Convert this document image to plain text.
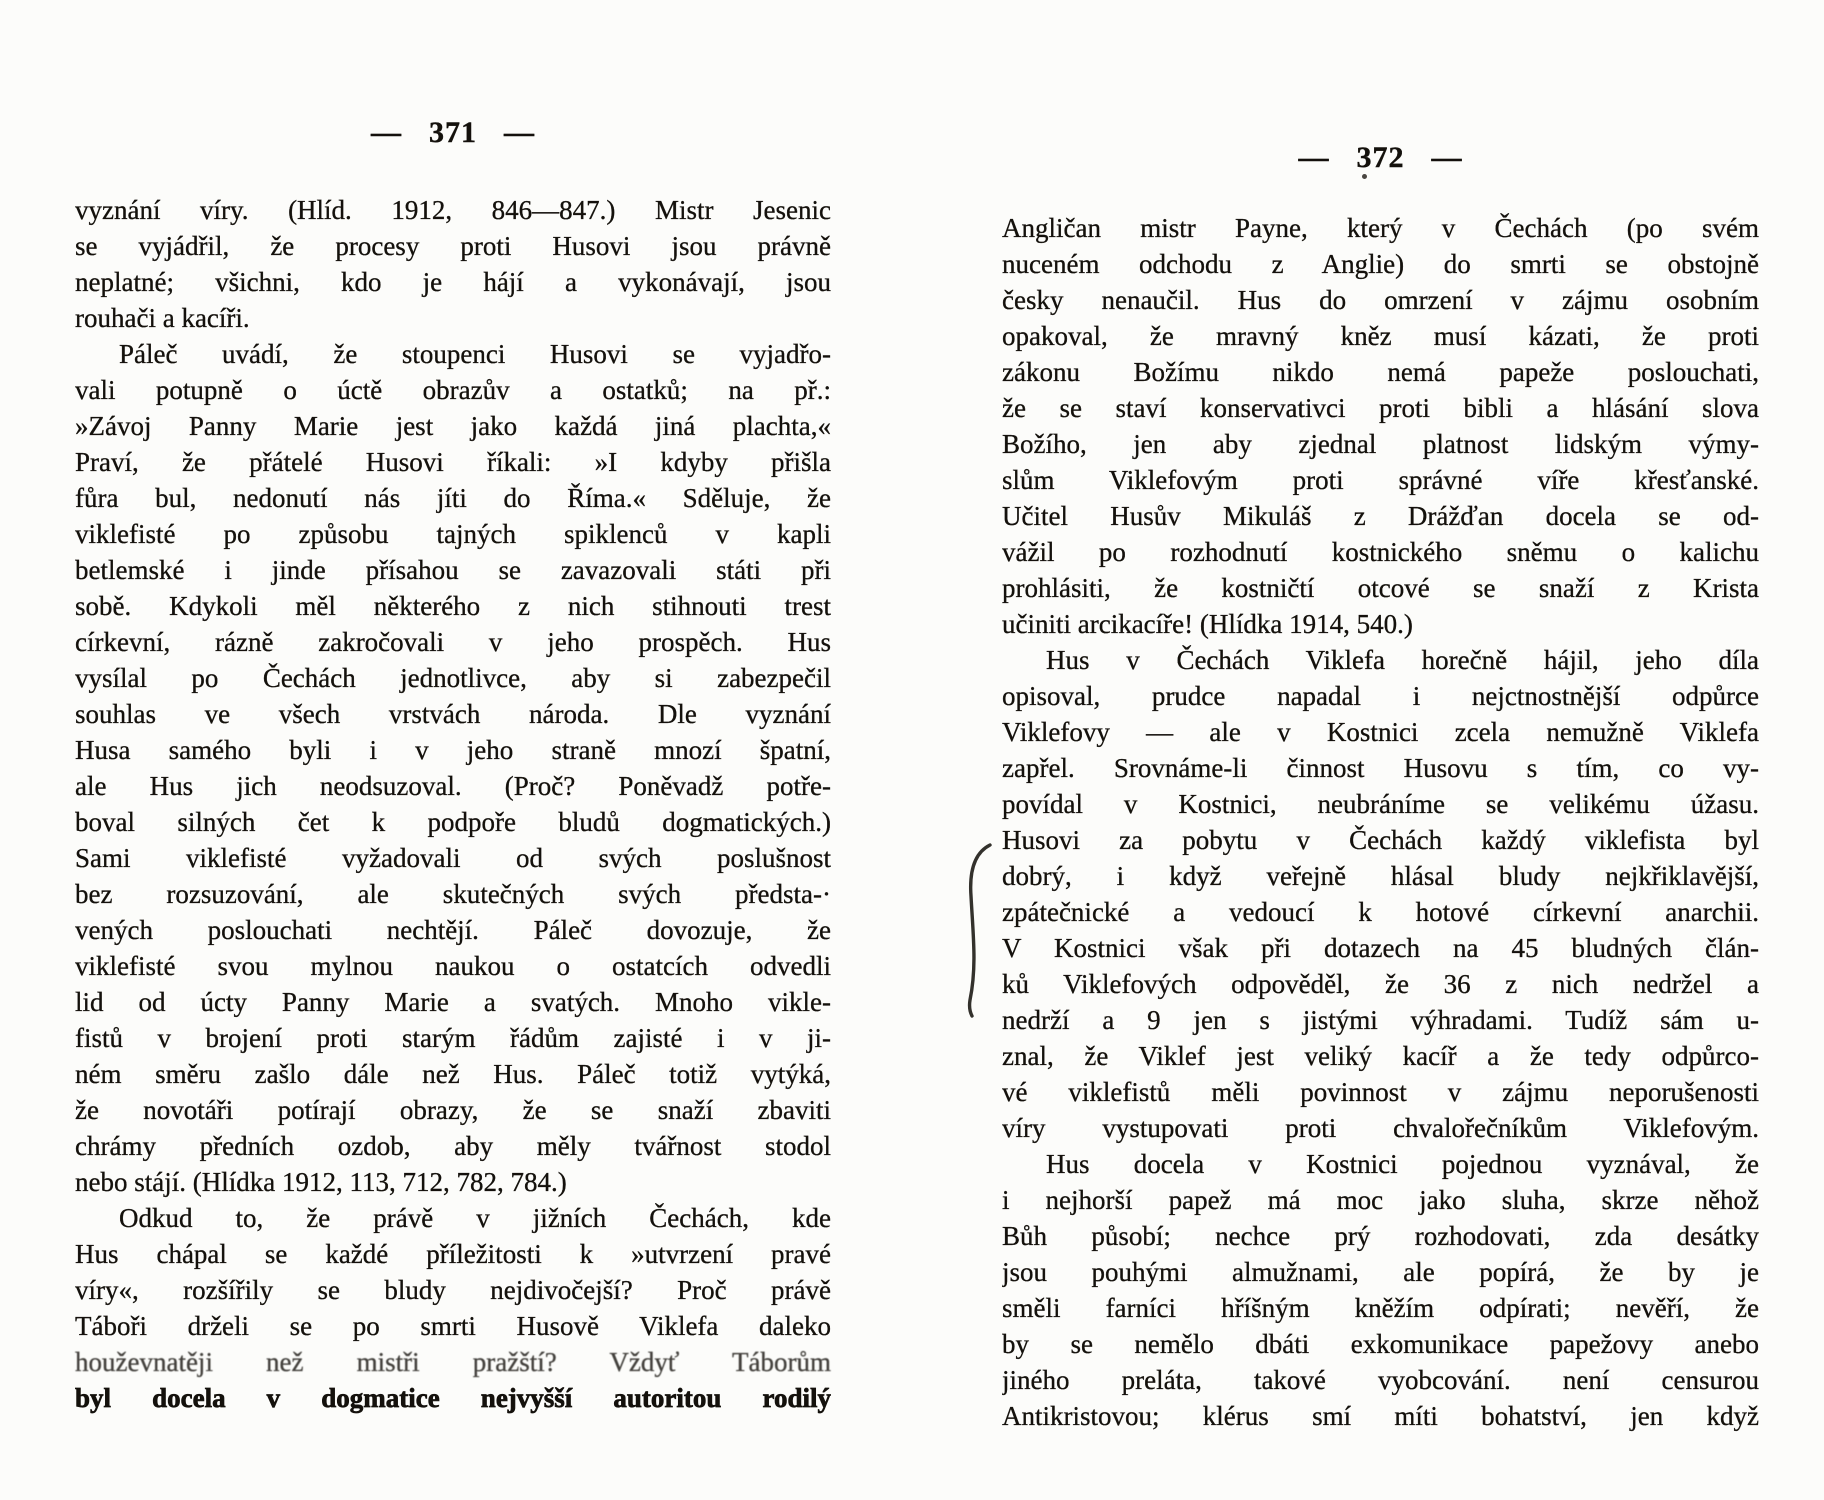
— 371 —
vyznání víry. (Hlíd. 1912, 846—847.) Mistr Jesenic
se vyjádřil, že procesy proti Husovi jsou právně
neplatné; všichni, kdo je hájí a vykonávají, jsou
rouhači a kacíři.
Páleč uvádí, že stoupenci Husovi se vyjadřo-
vali potupně o úctě obrazův a ostatků; na př.:
»Závoj Panny Marie jest jako každá jiná plachta,«
Praví, že přátelé Husovi říkali: »I kdyby přišla
fůra bul, nedonutí nás jíti do Říma.« Sděluje, že
viklefisté po způsobu tajných spiklenců v kapli
betlemské i jinde přísahou se zavazovali státi při
sobě. Kdykoli měl některého z nich stihnouti trest
církevní, rázně zakročovali v jeho prospěch. Hus
vysílal po Čechách jednotlivce, aby si zabezpečil
souhlas ve všech vrstvách národa. Dle vyznání
Husa samého byli i v jeho straně mnozí špatní,
ale Hus jich neodsuzoval. (Proč? Poněvadž potře-
boval silných čet k podpoře bludů dogmatických.)
Sami viklefisté vyžadovali od svých poslušnost
bez rozsuzování, ale skutečných svých předsta-·
vených poslouchati nechtějí. Páleč dovozuje, že
viklefisté svou mylnou naukou o ostatcích odvedli
lid od úcty Panny Marie a svatých. Mnoho vikle-
fistů v brojení proti starým řádům zajisté i v ji-
ném směru zašlo dále než Hus. Páleč totiž vytýká,
že novotáři potírají obrazy, že se snaží zbaviti
chrámy předních ozdob, aby měly tvářnost stodol
nebo stájí. (Hlídka 1912, 113, 712, 782, 784.)
Odkud to, že právě v jižních Čechách, kde
Hus chápal se každé příležitosti k »utvrzení pravé
víry«, rozšířily se bludy nejdivočejší? Proč právě
Táboři drželi se po smrti Husově Viklefa daleko
houževnatěji než mistři pražští? Vždyť Táborům
byl docela v dogmatice nejvyšší autoritou rodilý
— 372 —
Angličan mistr Payne, který v Čechách (po svém
nuceném odchodu z Anglie) do smrti se obstojně
česky nenaučil. Hus do omrzení v zájmu osobním
opakoval, že mravný kněz musí kázati, že proti
zákonu Božímu nikdo nemá papeže poslouchati,
že se staví konservativci proti bibli a hlásání slova
Božího, jen aby zjednal platnost lidským výmy-
slům Viklefovým proti správné víře křesťanské.
Učitel Husův Mikuláš z Drážďan docela se od-
vážil po rozhodnutí kostnického sněmu o kalichu
prohlásiti, že kostničtí otcové se snaží z Krista
učiniti arcikacíře! (Hlídka 1914, 540.)
Hus v Čechách Viklefa horečně hájil, jeho díla
opisoval, prudce napadal i nejctnostnější odpůrce
Viklefovy — ale v Kostnici zcela nemužně Viklefa
zapřel. Srovnáme-li činnost Husovu s tím, co vy-
povídal v Kostnici, neubráníme se velikému úžasu.
Husovi za pobytu v Čechách každý viklefista byl
dobrý, i když veřejně hlásal bludy nejkřiklavější,
zpátečnické a vedoucí k hotové církevní anarchii.
V Kostnici však při dotazech na 45 bludných člán-
ků Viklefových odpověděl, že 36 z nich nedržel a
nedrží a 9 jen s jistými výhradami. Tudíž sám u-
znal, že Viklef jest veliký kacíř a že tedy odpůrco-
vé viklefistů měli povinnost v zájmu neporušenosti
víry vystupovati proti chvalořečníkům Viklefovým.
Hus docela v Kostnici pojednou vyznával, že
i nejhorší papež má moc jako sluha, skrze něhož
Bůh působí; nechce prý rozhodovati, zda desátky
jsou pouhými almužnami, ale popírá, že by je
směli farníci hříšným kněžím odpírati; nevěří, že
by se nemělo dbáti exkomunikace papežovy anebo
jiného preláta, takové vyobcování. není censurou
Antikristovou; klérus smí míti bohatství, jen když
